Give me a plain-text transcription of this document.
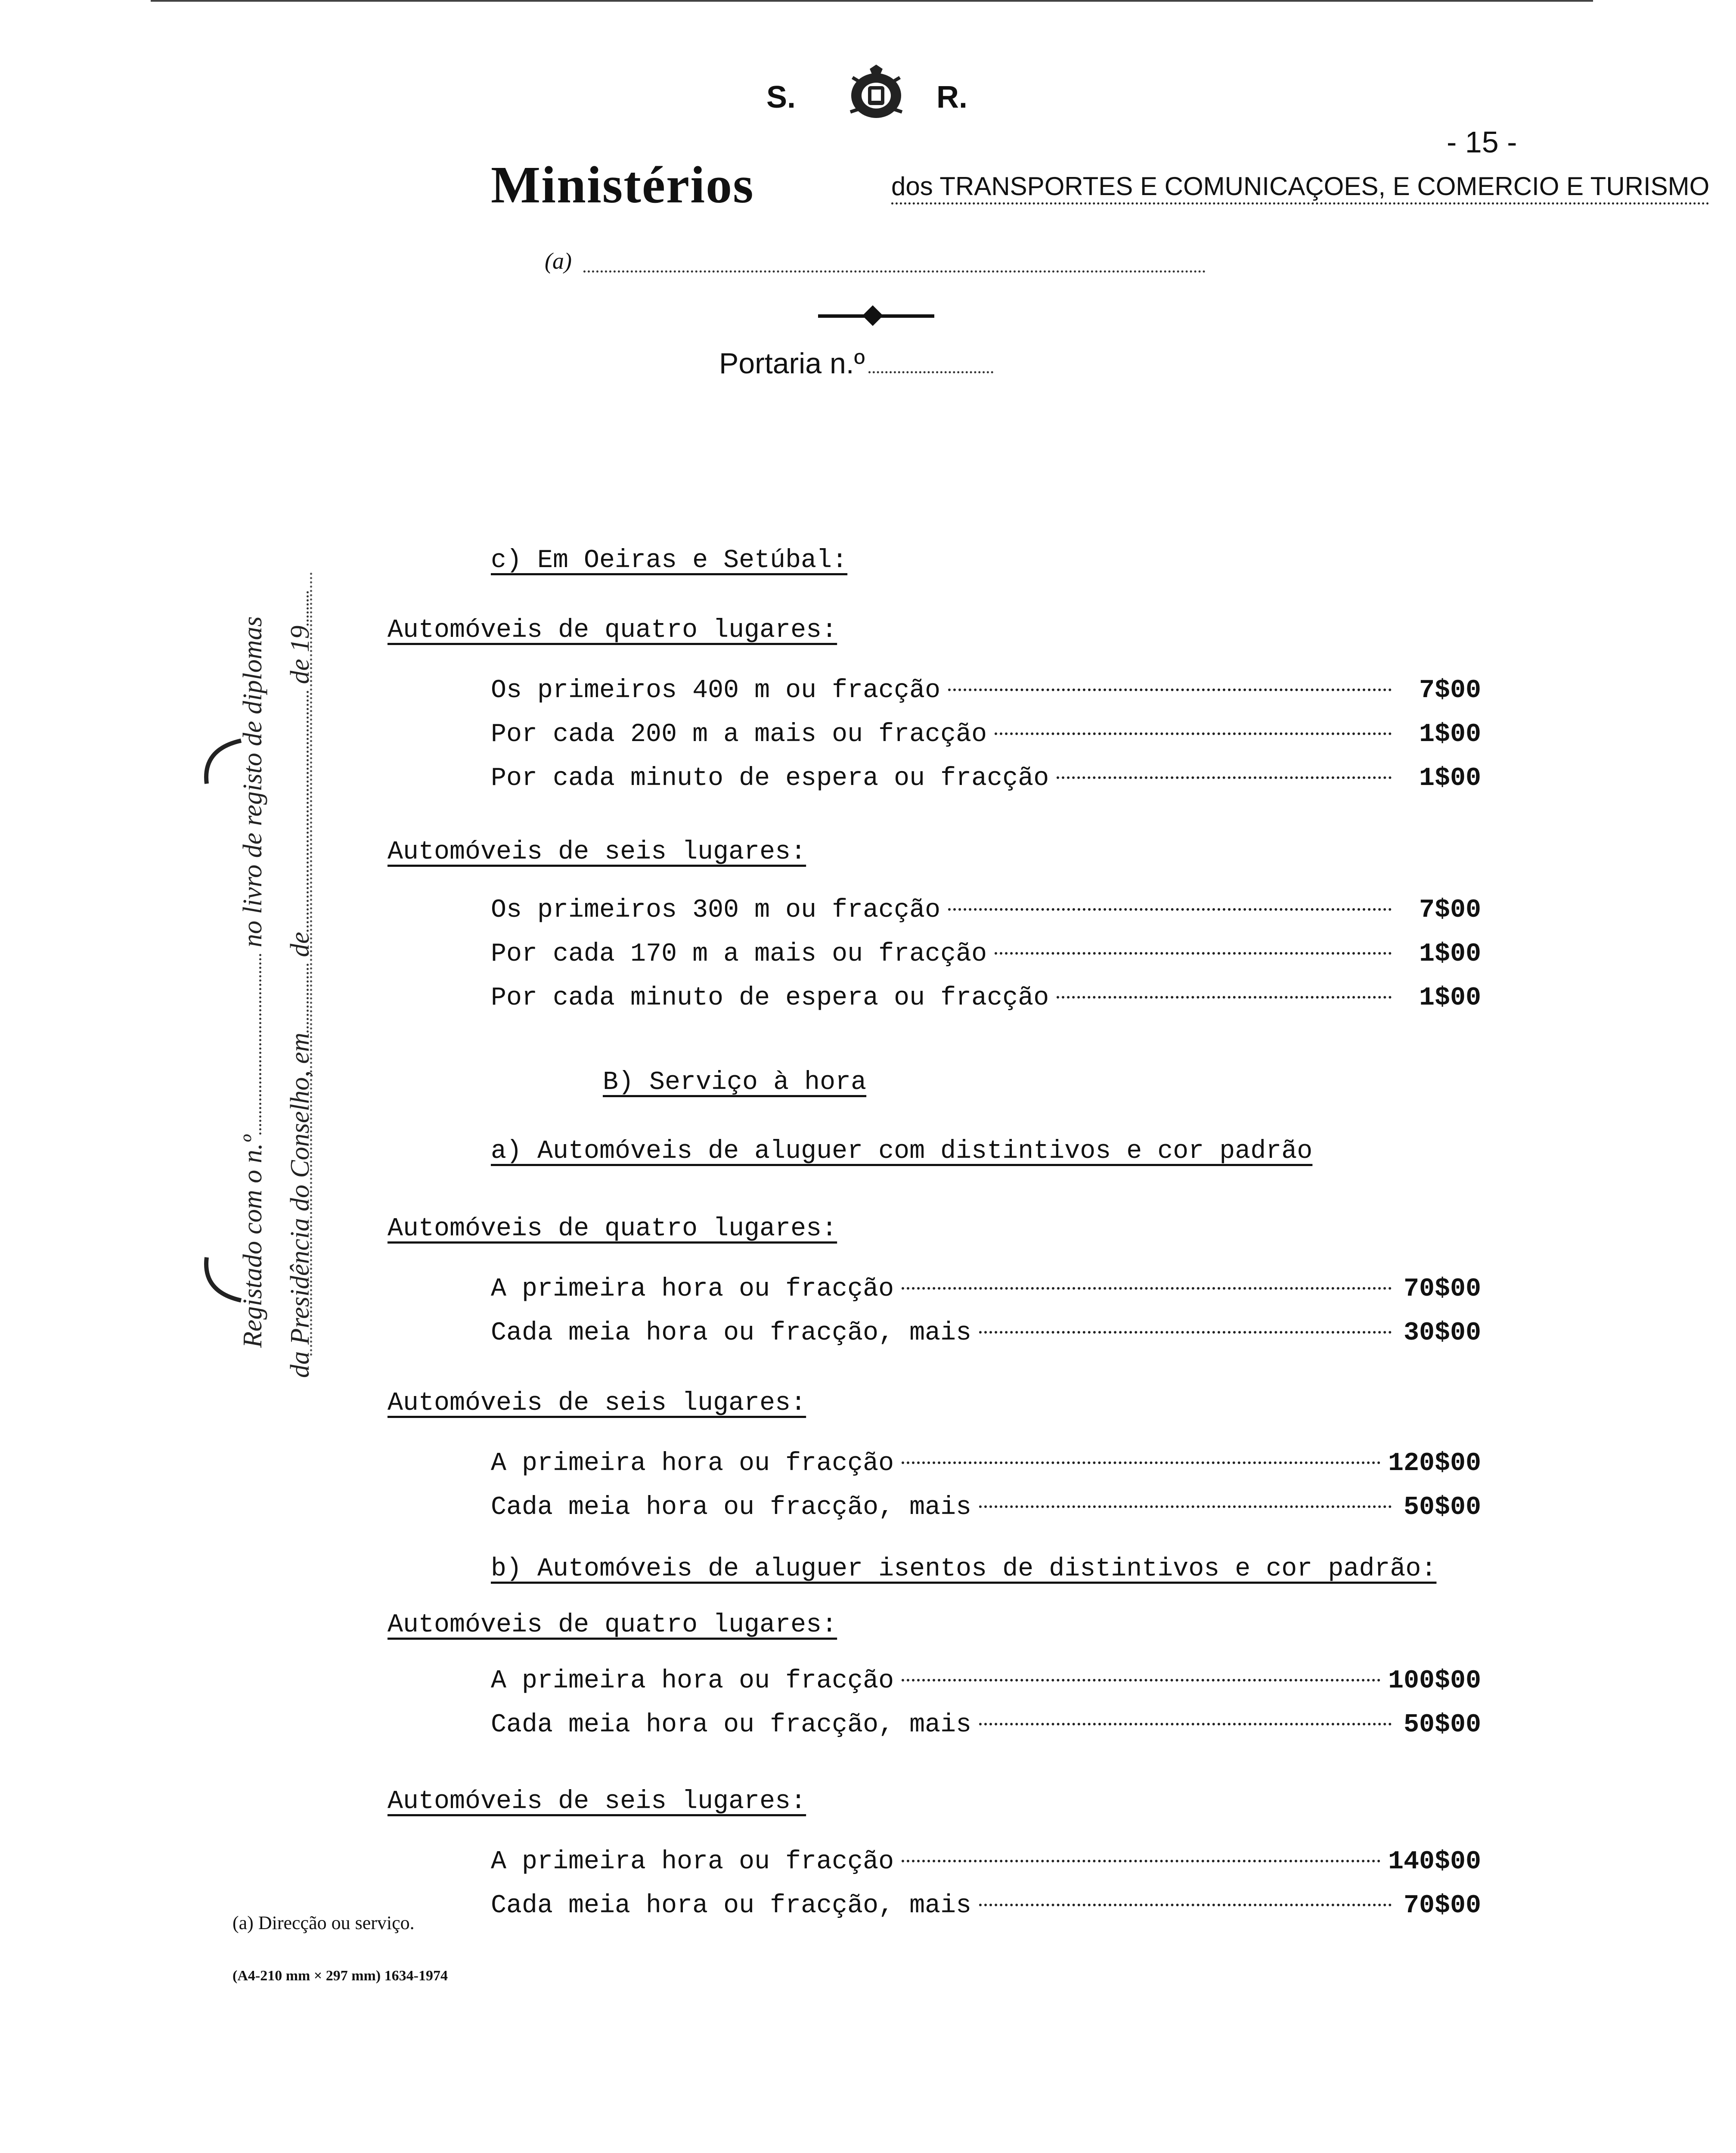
S.	R.
- 15 -
Ministérios	dos TRANSPORTES E COMUNICAÇOES, E COMERCIO E TURISMO
(a)
Portaria n.º
Registado com o n.º no livro de registo de diplomas
da Presidência do Conselho, em de de 19
c) Em Oeiras e Setúbal:
Automóveis de quatro lugares:
Os primeiros 400 m ou fracção	7$00
Por cada 200 m a mais ou fracção	1$00
Por cada minuto de espera ou fracção	1$00
Automóveis de seis lugares:
Os primeiros 300 m ou fracção	7$00
Por cada 170 m a mais ou fracção	1$00
Por cada minuto de espera ou fracção	1$00
B) Serviço à hora
a) Automóveis de aluguer com distintivos e cor padrão
Automóveis de quatro lugares:
A primeira hora ou fracção	70$00
Cada meia hora ou fracção, mais	30$00
Automóveis de seis lugares:
A primeira hora ou fracção	120$00
Cada meia hora ou fracção, mais	50$00
b) Automóveis de aluguer isentos de distintivos e cor padrão:
Automóveis de quatro lugares:
A primeira hora ou fracção	100$00
Cada meia hora ou fracção, mais	50$00
Automóveis de seis lugares:
A primeira hora ou fracção	140$00
Cada meia hora ou fracção, mais	70$00
(a) Direcção ou serviço.
(A4-210 mm × 297 mm) 1634-1974
